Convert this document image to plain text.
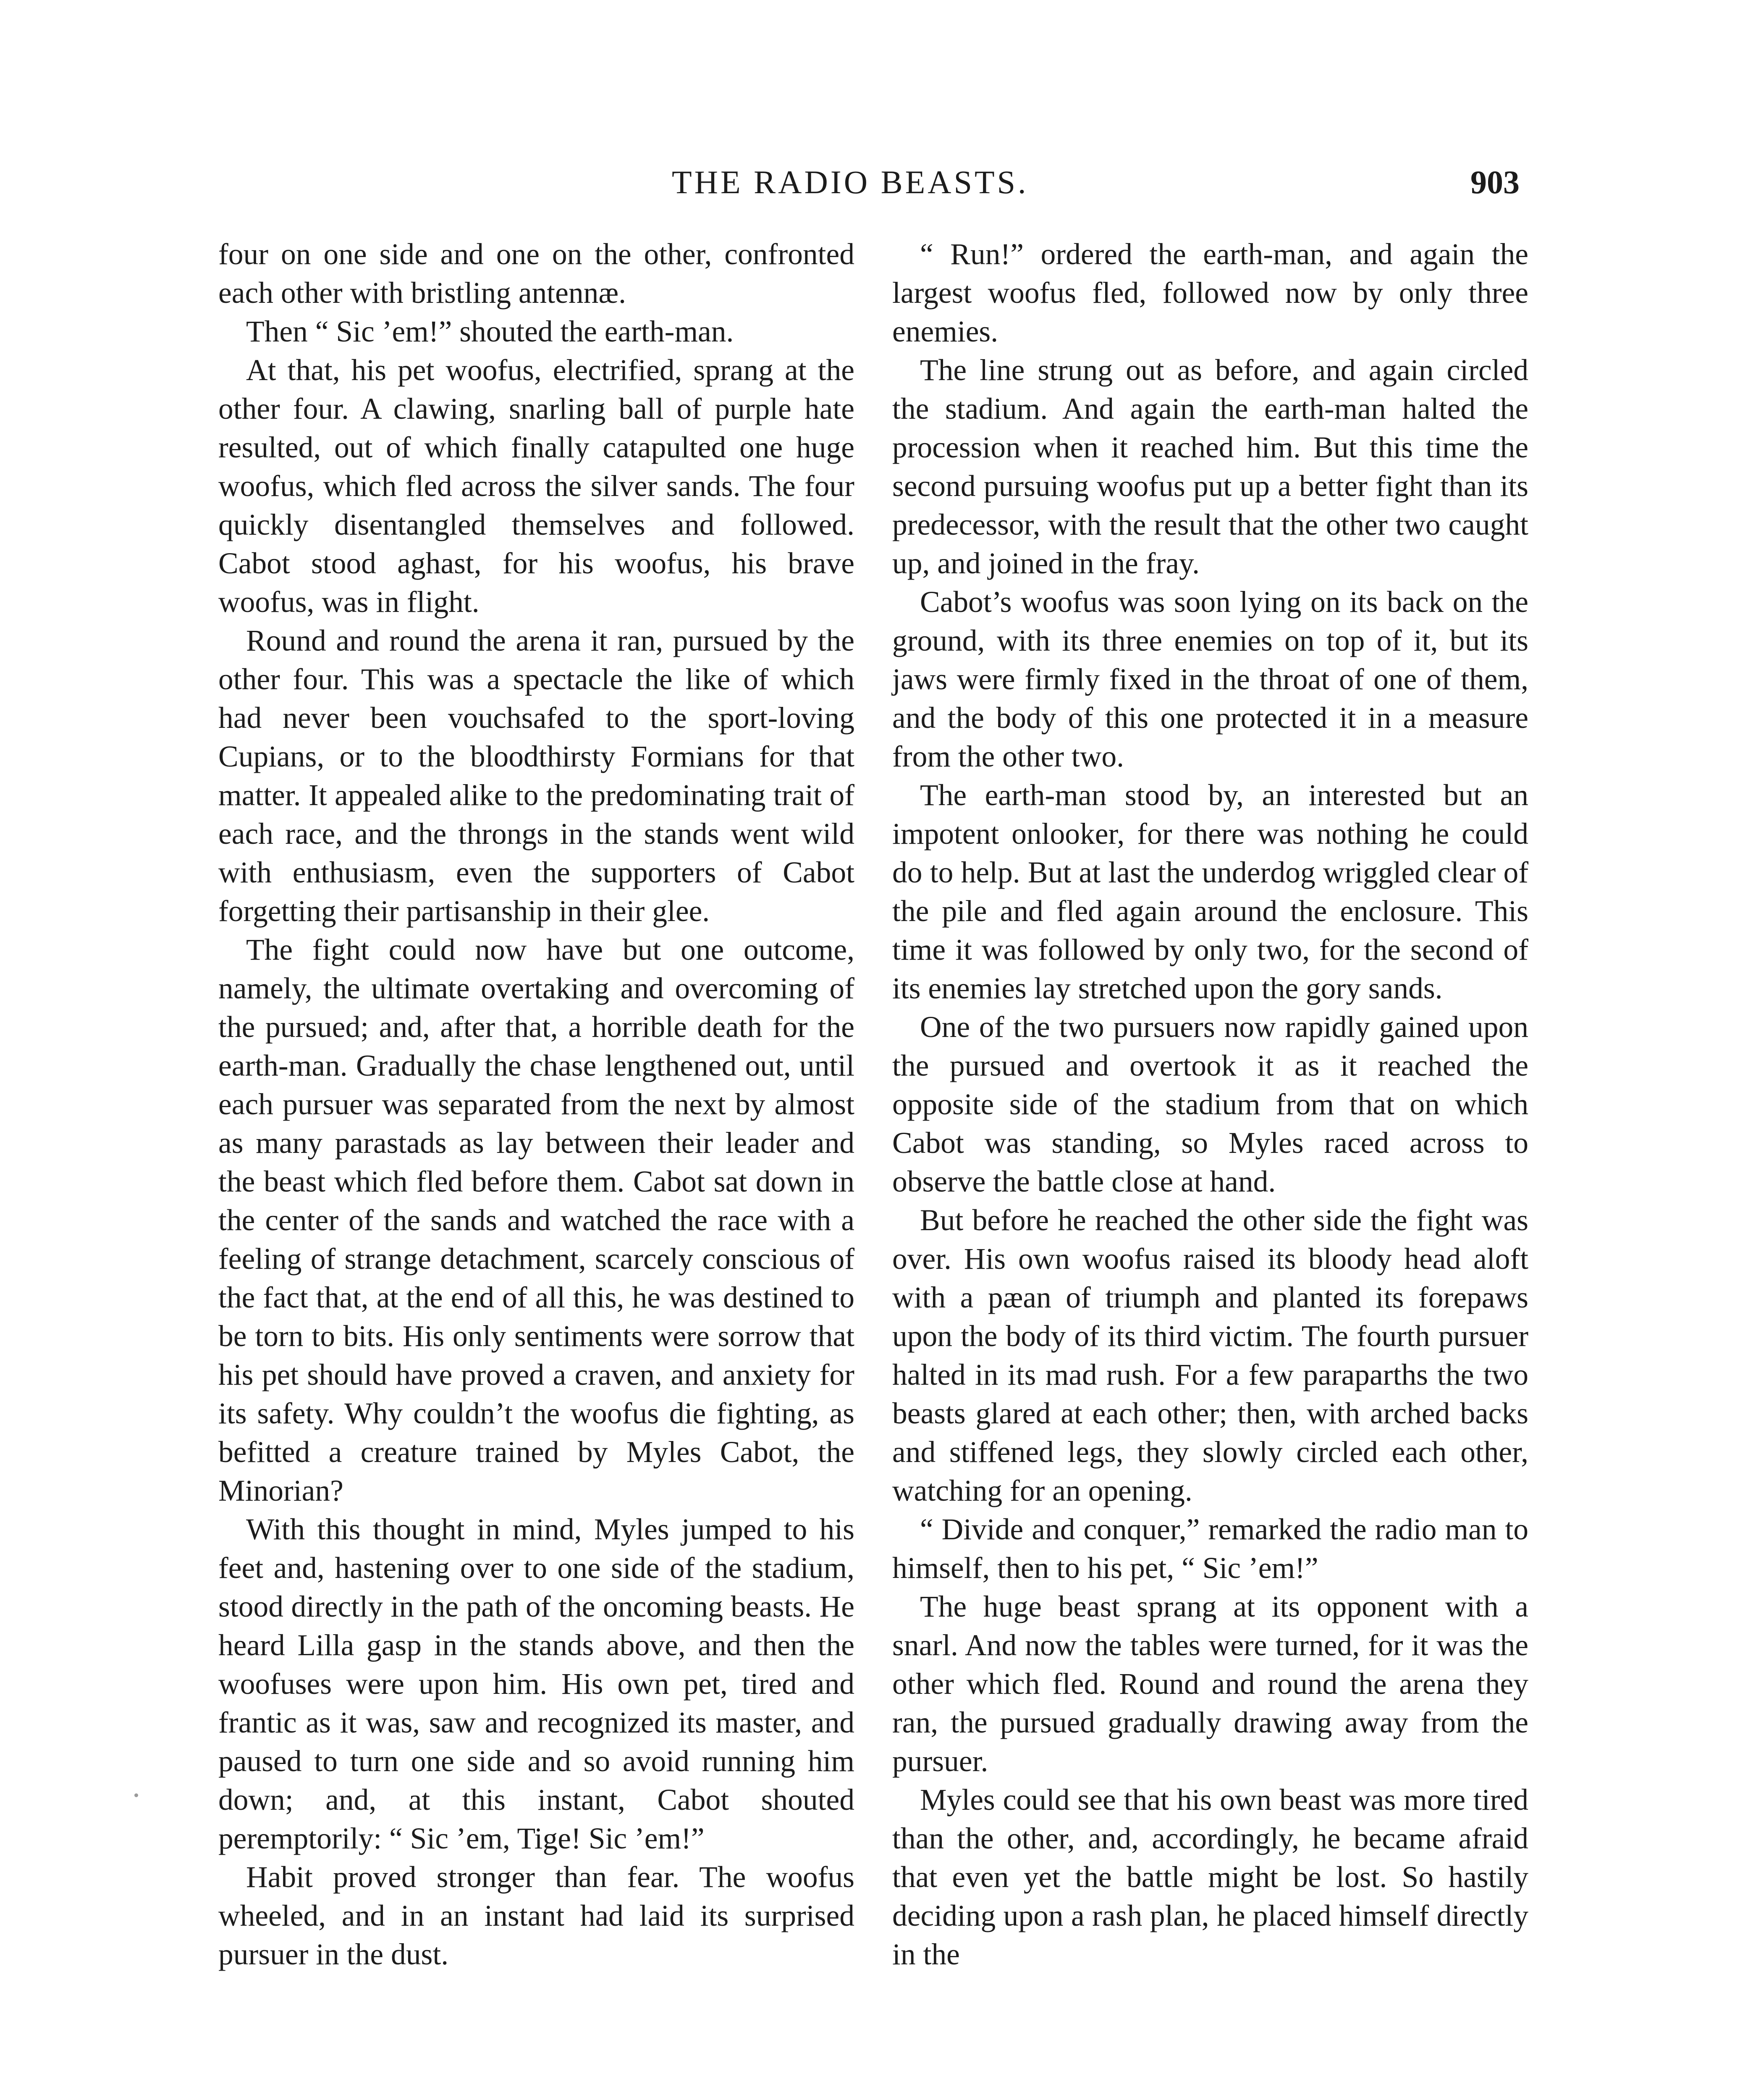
THE RADIO BEASTS.	903

four on one side and one on the other, confronted each other with bristling antennæ.

Then “ Sic ’em!” shouted the earth-man.

At that, his pet woofus, electrified, sprang at the other four. A clawing, snarling ball of purple hate resulted, out of which finally catapulted one huge woofus, which fled across the silver sands. The four quickly disentangled themselves and followed. Cabot stood aghast, for his woofus, his brave woofus, was in flight.

Round and round the arena it ran, pursued by the other four. This was a spectacle the like of which had never been vouchsafed to the sport-loving Cupians, or to the bloodthirsty Formians for that matter. It appealed alike to the predominating trait of each race, and the throngs in the stands went wild with enthusiasm, even the supporters of Cabot forgetting their partisanship in their glee.

The fight could now have but one outcome, namely, the ultimate overtaking and overcoming of the pursued; and, after that, a horrible death for the earth-man. Gradually the chase lengthened out, until each pursuer was separated from the next by almost as many parastads as lay between their leader and the beast which fled before them. Cabot sat down in the center of the sands and watched the race with a feeling of strange detachment, scarcely conscious of the fact that, at the end of all this, he was destined to be torn to bits. His only sentiments were sorrow that his pet should have proved a craven, and anxiety for its safety. Why couldn’t the woofus die fighting, as befitted a creature trained by Myles Cabot, the Minorian?

With this thought in mind, Myles jumped to his feet and, hastening over to one side of the stadium, stood directly in the path of the oncoming beasts. He heard Lilla gasp in the stands above, and then the woofuses were upon him. His own pet, tired and frantic as it was, saw and recognized its master, and paused to turn one side and so avoid running him down; and, at this instant, Cabot shouted peremptorily: “ Sic ’em, Tige! Sic ’em!”

Habit proved stronger than fear. The woofus wheeled, and in an instant had laid its surprised pursuer in the dust.

“ Run!” ordered the earth-man, and again the largest woofus fled, followed now by only three enemies.

The line strung out as before, and again circled the stadium. And again the earth-man halted the procession when it reached him. But this time the second pursuing woofus put up a better fight than its predecessor, with the result that the other two caught up, and joined in the fray.

Cabot’s woofus was soon lying on its back on the ground, with its three enemies on top of it, but its jaws were firmly fixed in the throat of one of them, and the body of this one protected it in a measure from the other two.

The earth-man stood by, an interested but an impotent onlooker, for there was nothing he could do to help. But at last the underdog wriggled clear of the pile and fled again around the enclosure. This time it was followed by only two, for the second of its enemies lay stretched upon the gory sands.

One of the two pursuers now rapidly gained upon the pursued and overtook it as it reached the opposite side of the stadium from that on which Cabot was standing, so Myles raced across to observe the battle close at hand.

But before he reached the other side the fight was over. His own woofus raised its bloody head aloft with a pæan of triumph and planted its forepaws upon the body of its third victim. The fourth pursuer halted in its mad rush. For a few paraparths the two beasts glared at each other; then, with arched backs and stiffened legs, they slowly circled each other, watching for an opening.

“ Divide and conquer,” remarked the radio man to himself, then to his pet, “ Sic ’em!”

The huge beast sprang at its opponent with a snarl. And now the tables were turned, for it was the other which fled. Round and round the arena they ran, the pursued gradually drawing away from the pursuer.

Myles could see that his own beast was more tired than the other, and, accordingly, he became afraid that even yet the battle might be lost. So hastily deciding upon a rash plan, he placed himself directly in the
